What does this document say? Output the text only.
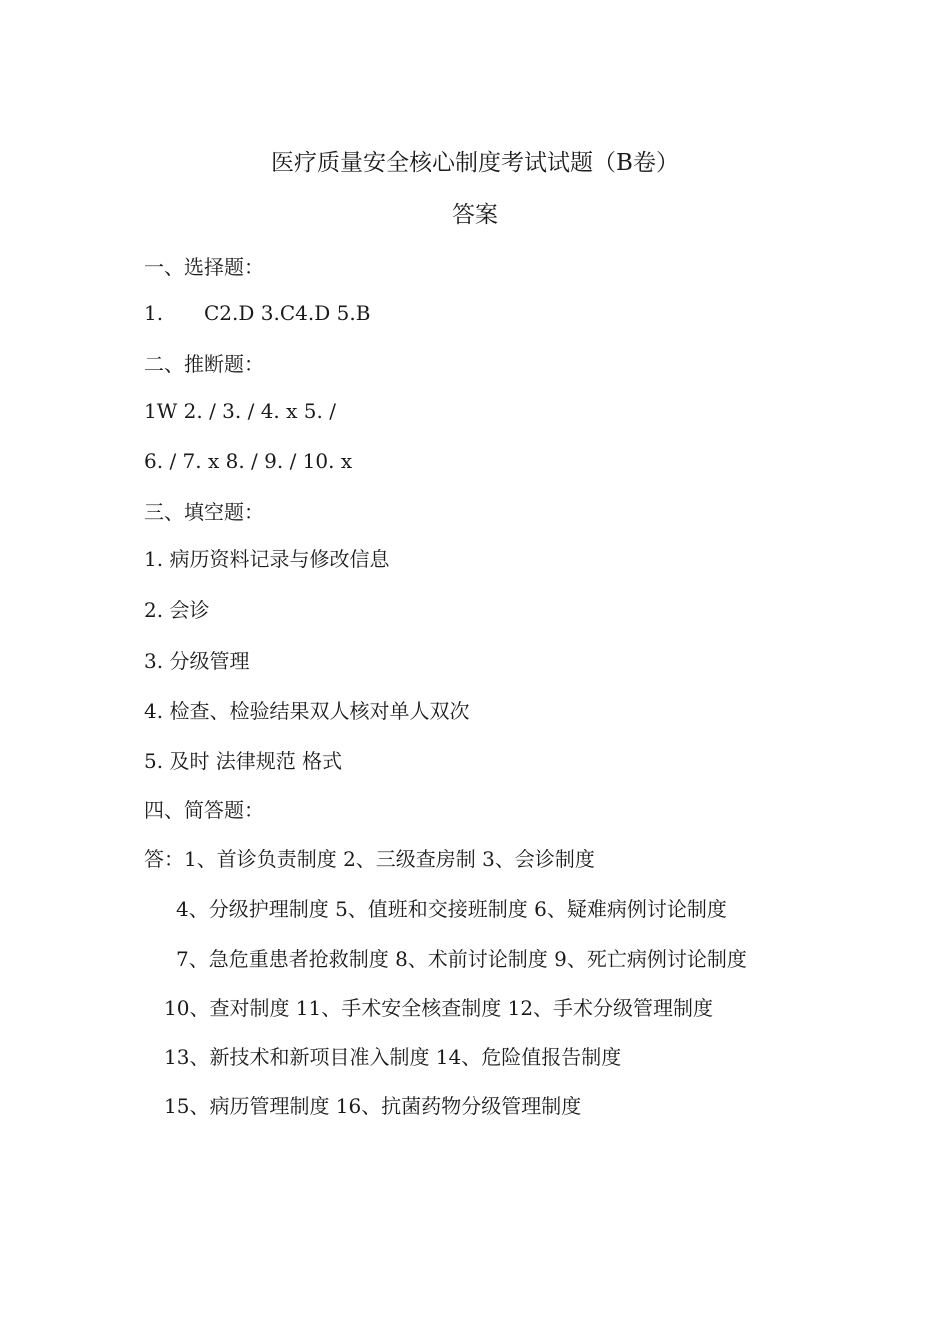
医疗质量安全核心制度考试试题（B卷）
答案
一、选择题：
1. C2.D 3.C4.D 5.B
二、推断题：
1W 2. / 3. / 4. x 5. /
6. / 7. x 8. / 9. / 10. x
三、填空题：
1. 病历资料记录与修改信息
2. 会诊
3. 分级管理
4. 检查、检验结果双人核对单人双次
5. 及时 法律规范 格式
四、简答题：
答：1、首诊负责制度 2、三级查房制 3、会诊制度
4、分级护理制度 5、值班和交接班制度 6、疑难病例讨论制度
7、急危重患者抢救制度 8、术前讨论制度 9、死亡病例讨论制度
10、查对制度 11、手术安全核查制度 12、手术分级管理制度
13、新技术和新项目准入制度 14、危险值报告制度
15、病历管理制度 16、抗菌药物分级管理制度
